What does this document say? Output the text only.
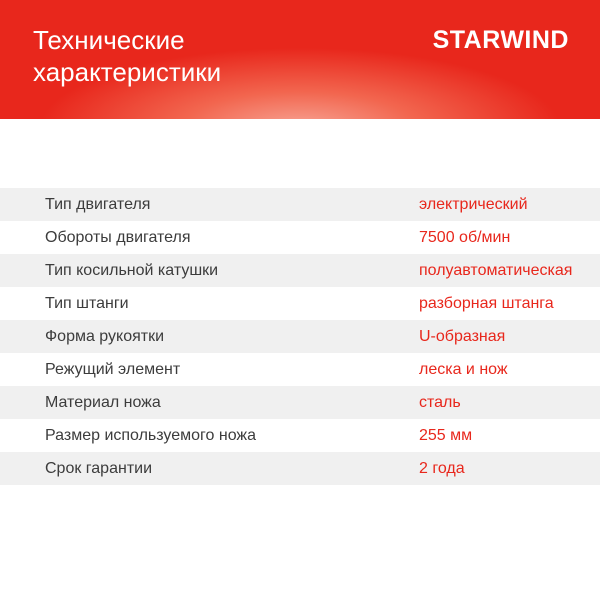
Технические характеристики
STARWIND
Тип двигателя	электрический
Обороты двигателя	7500 об/мин
Тип косильной катушки	полуавтоматическая
Тип штанги	разборная штанга
Форма рукоятки	U-образная
Режущий элемент	леска и нож
Материал ножа	сталь
Размер используемого ножа	255 мм
Срок гарантии	2 года
